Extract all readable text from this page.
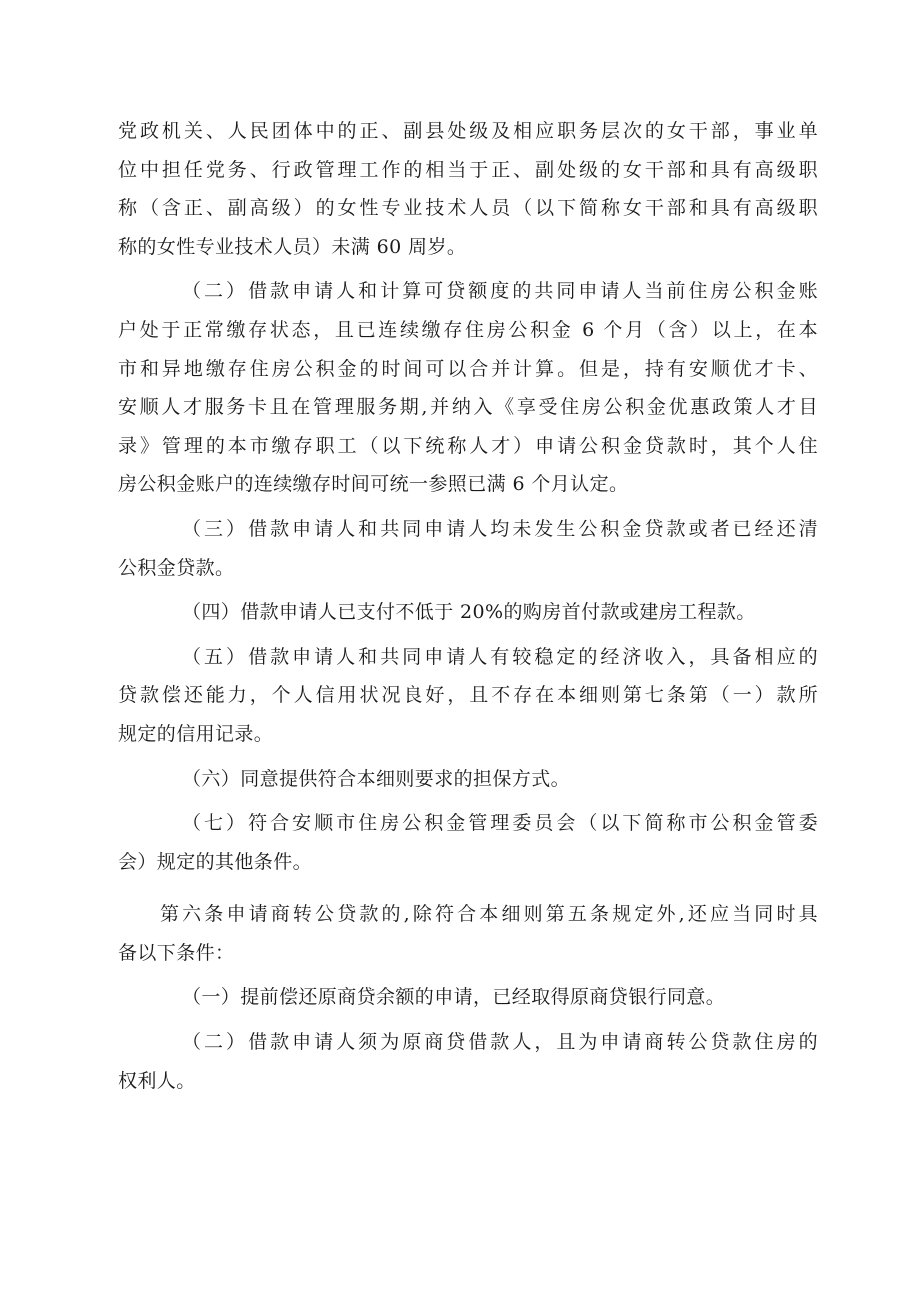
党政机关、人民团体中的正、副县处级及相应职务层次的女干部，事业单
位中担任党务、行政管理工作的相当于正、副处级的女干部和具有高级职
称（含正、副高级）的女性专业技术人员（以下简称女干部和具有高级职
称的女性专业技术人员）未满 60 周岁。
（二）借款申请人和计算可贷额度的共同申请人当前住房公积金账
户处于正常缴存状态，且已连续缴存住房公积金 6 个月（含）以上，在本
市和异地缴存住房公积金的时间可以合并计算。但是，持有安顺优才卡、
安顺人才服务卡且在管理服务期,并纳入《享受住房公积金优惠政策人才目
录》管理的本市缴存职工（以下统称人才）申请公积金贷款时，其个人住
房公积金账户的连续缴存时间可统一参照已满 6 个月认定。
（三）借款申请人和共同申请人均未发生公积金贷款或者已经还清
公积金贷款。
（四）借款申请人已支付不低于 20%的购房首付款或建房工程款。
（五）借款申请人和共同申请人有较稳定的经济收入，具备相应的
贷款偿还能力，个人信用状况良好，且不存在本细则第七条第（一）款所
规定的信用记录。
（六）同意提供符合本细则要求的担保方式。
（七）符合安顺市住房公积金管理委员会（以下简称市公积金管委
会）规定的其他条件。
第六条申请商转公贷款的,除符合本细则第五条规定外,还应当同时具
备以下条件：
（一）提前偿还原商贷余额的申请，已经取得原商贷银行同意。
（二）借款申请人须为原商贷借款人，且为申请商转公贷款住房的
权利人。
